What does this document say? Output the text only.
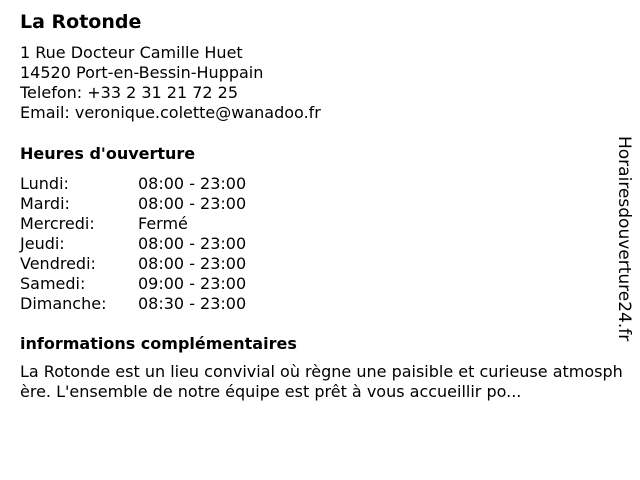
La Rotonde
1 Rue Docteur Camille Huet
14520 Port-en-Bessin-Huppain
Telefon: +33 2 31 21 72 25
Email: veronique.colette@wanadoo.fr
Heures d'ouverture
Lundi:	08:00 - 23:00
Mardi:	08:00 - 23:00
Mercredi:	Fermé
Jeudi:	08:00 - 23:00
Vendredi:	08:00 - 23:00
Samedi:	09:00 - 23:00
Dimanche:	08:30 - 23:00
informations complémentaires
La Rotonde est un lieu convivial où règne une paisible et curieuse atmosphère. L'ensemble de notre équipe est prêt à vous accueillir po...
Horairesdouverture24.fr
